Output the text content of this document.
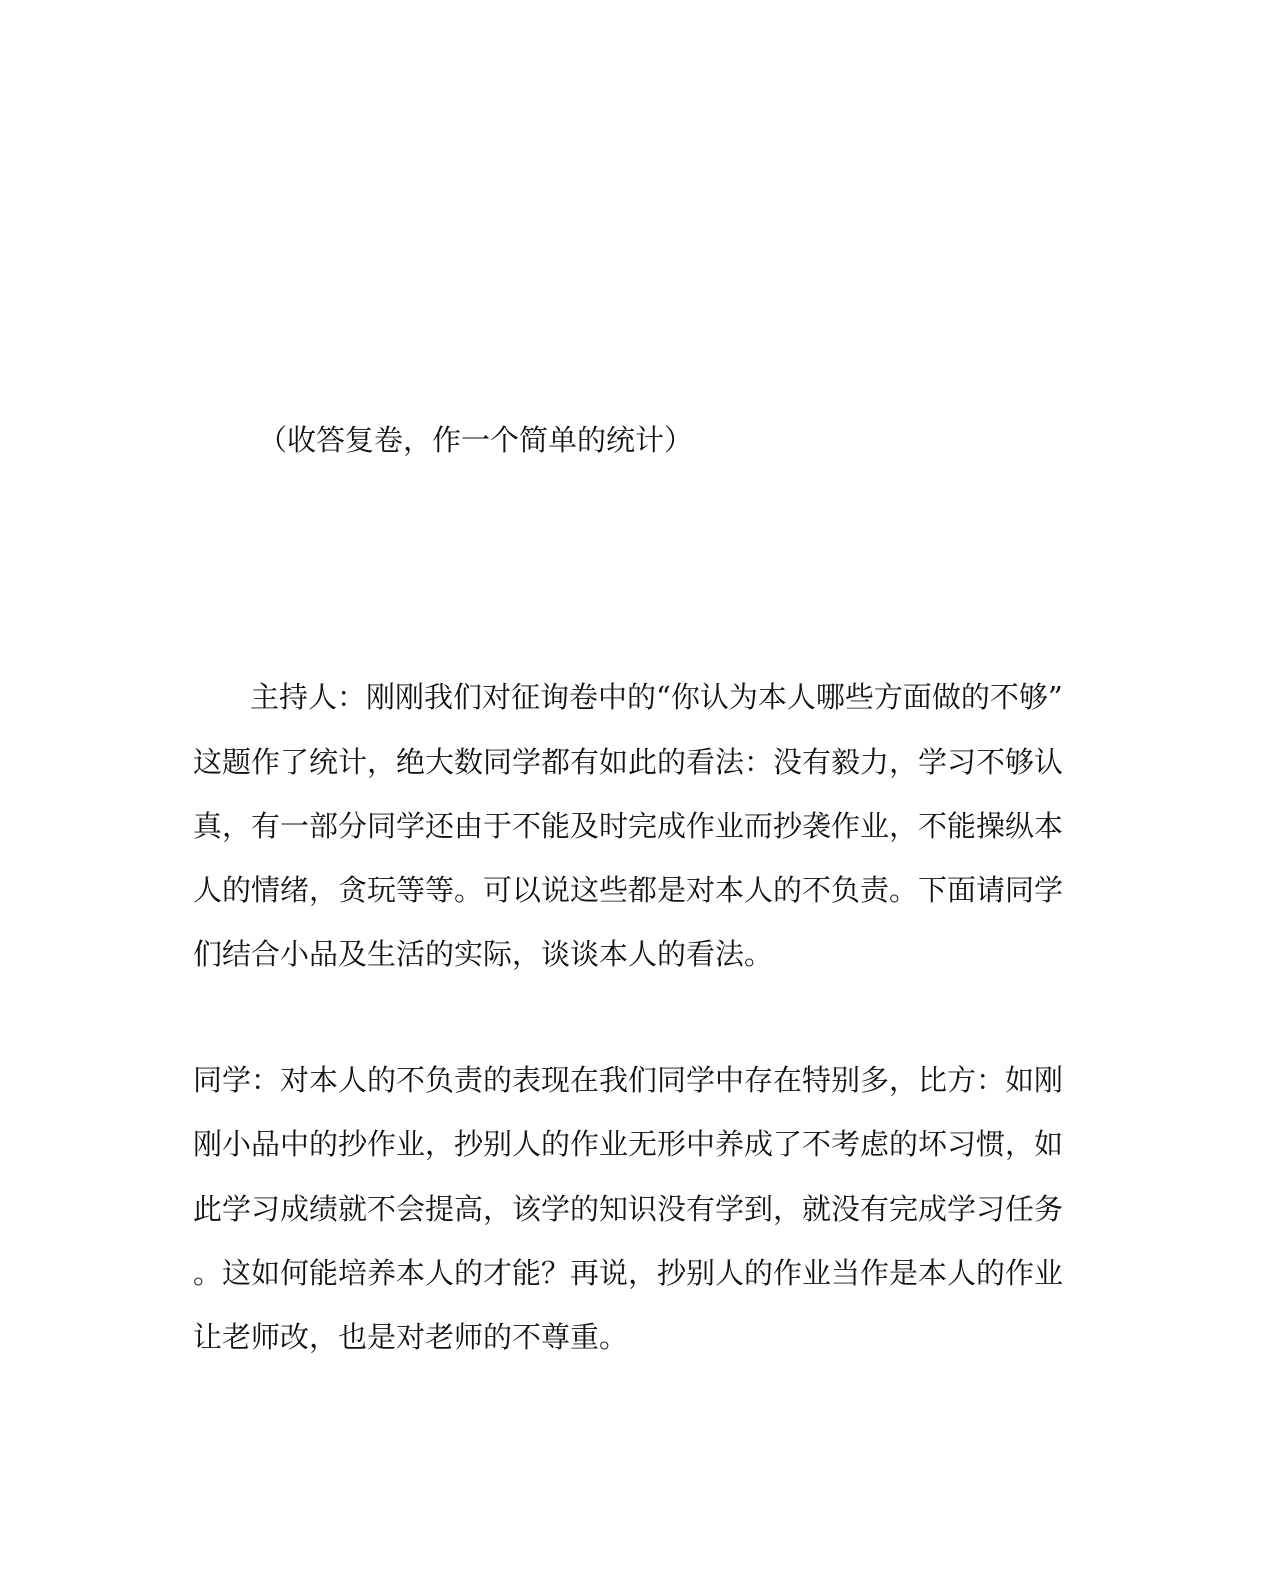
（收答复卷，作一个简单的统计）
主持人：刚刚我们对征询卷中的“你认为本人哪些方面做的不够”
这题作了统计，绝大数同学都有如此的看法：没有毅力，学习不够认
真，有一部分同学还由于不能及时完成作业而抄袭作业，不能操纵本
人的情绪，贪玩等等。可以说这些都是对本人的不负责。下面请同学
们结合小品及生活的实际，谈谈本人的看法。
同学：对本人的不负责的表现在我们同学中存在特别多，比方：如刚
刚小品中的抄作业，抄别人的作业无形中养成了不考虑的坏习惯，如
此学习成绩就不会提高，该学的知识没有学到，就没有完成学习任务
。这如何能培养本人的才能？再说，抄别人的作业当作是本人的作业
让老师改，也是对老师的不尊重。
